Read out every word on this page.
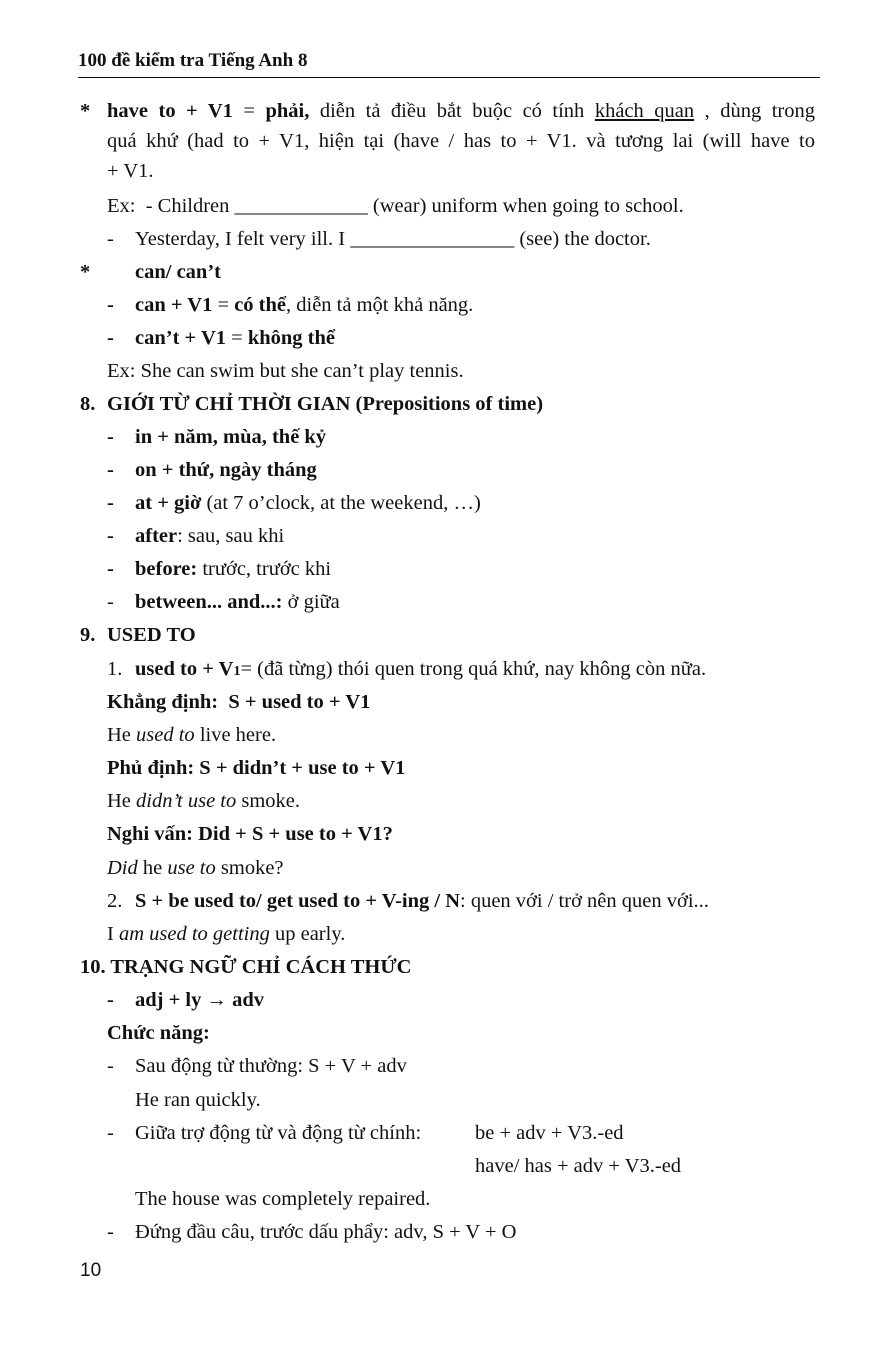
100 đề kiểm tra Tiếng Anh 8
* have to + V1 = phải, diễn tả điều bắt buộc có tính khách quan , dùng trong
quá khứ (had to + V1, hiện tại (have / has to + V1. và tương lai (will have to
+ V1.
Ex:  - Children _____________ (wear) uniform when going to school.
- Yesterday, I felt very ill. I ________________ (see) the doctor.
* can/ can’t
- can + V1 = có thể, diễn tả một khả năng.
- can’t + V1 = không thể
Ex: She can swim but she can’t play tennis.
8. GIỚI TỪ CHỈ THỜI GIAN (Prepositions of time)
- in + năm, mùa, thế kỷ
- on + thứ, ngày tháng
- at + giờ (at 7 o’clock, at the weekend, …)
- after: sau, sau khi
- before: trước, trước khi
- between... and...: ở giữa
9. USED TO
1. used to + V1= (đã từng) thói quen trong quá khứ, nay không còn nữa.
Khẳng định:  S + used to + V1
He used to live here.
Phủ định: S + didn’t + use to + V1
He didn’t use to smoke.
Nghi vấn: Did + S + use to + V1?
Did he use to smoke?
2. S + be used to/ get used to + V-ing / N: quen với / trở nên quen với...
I am used to getting up early.
10. TRẠNG NGỮ CHỈ CÁCH THỨC
- adj + ly → adv
Chức năng:
- Sau động từ thường: S + V + adv
He ran quickly.
- Giữa trợ động từ và động từ chính:	be + adv + V3.-ed
have/ has + adv + V3.-ed
The house was completely repaired.
- Đứng đầu câu, trước dấu phẩy: adv, S + V + O
10
